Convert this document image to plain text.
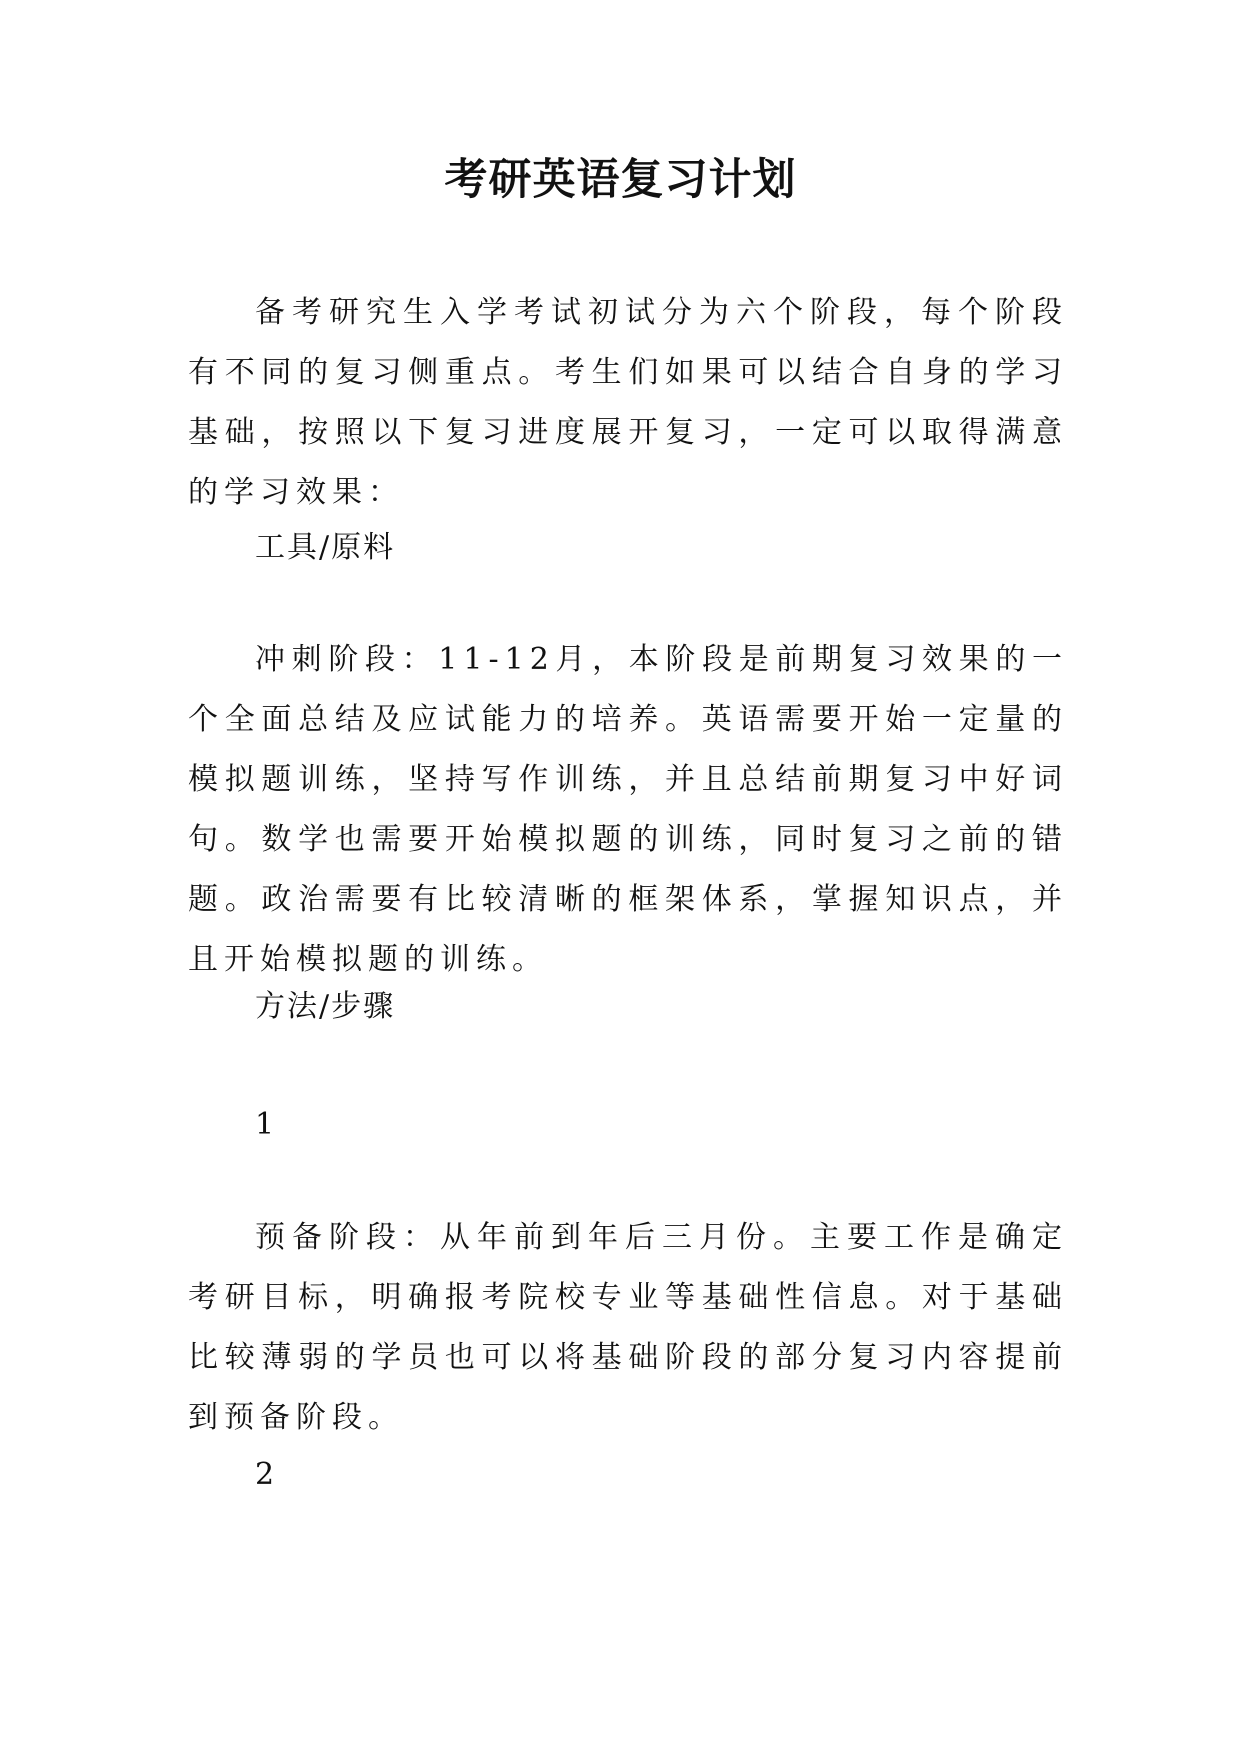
考研英语复习计划

备考研究生入学考试初试分为六个阶段，每个阶段有不同的复习侧重点。考生们如果可以结合自身的学习基础，按照以下复习进度展开复习，一定可以取得满意的学习效果：

工具/原料

冲刺阶段：11-12月，本阶段是前期复习效果的一个全面总结及应试能力的培养。英语需要开始一定量的模拟题训练，坚持写作训练，并且总结前期复习中好词句。数学也需要开始模拟题的训练，同时复习之前的错题。政治需要有比较清晰的框架体系，掌握知识点，并且开始模拟题的训练。

方法/步骤

1

预备阶段：从年前到年后三月份。主要工作是确定考研目标，明确报考院校专业等基础性信息。对于基础比较薄弱的学员也可以将基础阶段的部分复习内容提前到预备阶段。

2
